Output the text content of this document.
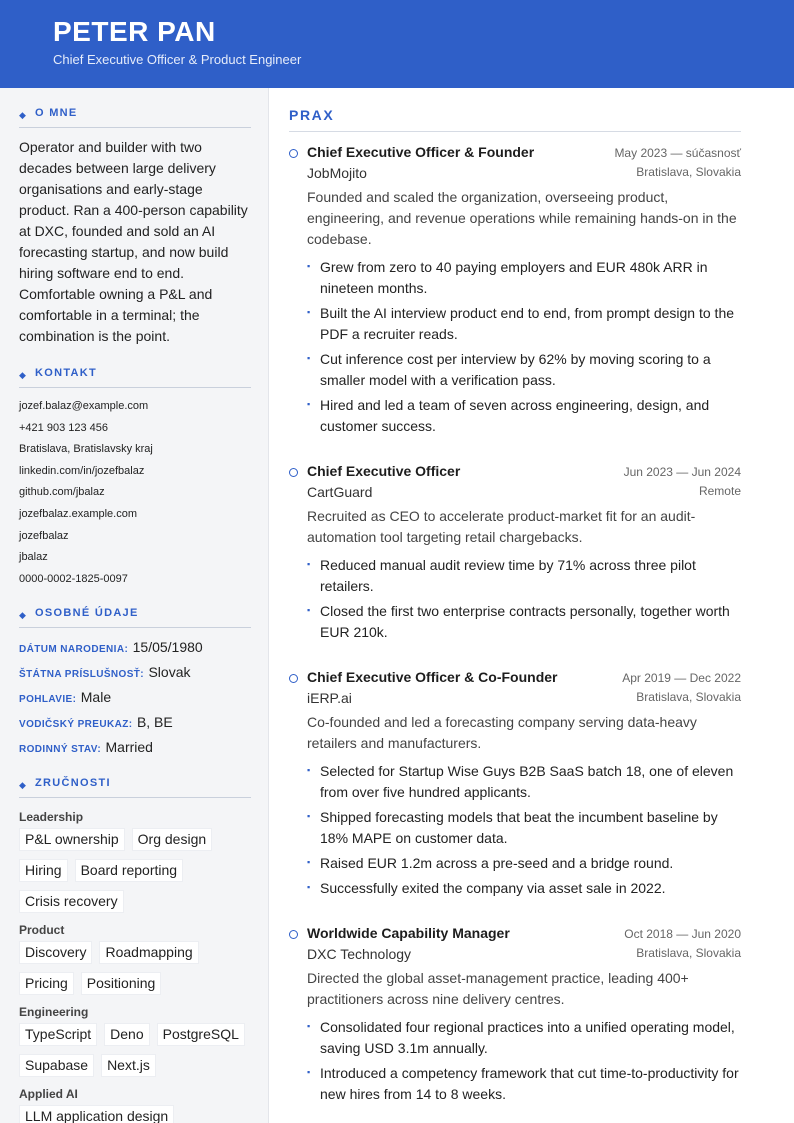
PETER PAN
Chief Executive Officer & Product Engineer
◆ O MNE
Operator and builder with two decades between large delivery organisations and early-stage product. Ran a 400-person capability at DXC, founded and sold an AI forecasting startup, and now build hiring software end to end. Comfortable owning a P&L and comfortable in a terminal; the combination is the point.
◆ KONTAKT
jozef.balaz@example.com
+421 903 123 456
Bratislava, Bratislavsky kraj
linkedin.com/in/jozefbalaz
github.com/jbalaz
jozefbalaz.example.com
jozefbalaz
jbalaz
0000-0002-1825-0097
◆ OSOBNÉ ÚDAJE
DÁTUM NARODENIA: 15/05/1980
ŠTÁTNA PRÍSLUŠNOSŤ: Slovak
POHLAVIE: Male
VODIČSKÝ PREUKAZ: B, BE
RODINNÝ STAV: Married
◆ ZRUČNOSTI
Leadership
P&L ownership	Org design
Hiring	Board reporting
Crisis recovery
Product
Discovery	Roadmapping
Pricing	Positioning
Engineering
TypeScript	Deno	PostgreSQL
Supabase	Next.js
Applied AI
LLM application design
PRAX
Chief Executive Officer & Founder	May 2023 — súčasnosť
JobMojito	Bratislava, Slovakia
Founded and scaled the organization, overseeing product, engineering, and revenue operations while remaining hands-on in the codebase.
▪ Grew from zero to 40 paying employers and EUR 480k ARR in nineteen months.
▪ Built the AI interview product end to end, from prompt design to the PDF a recruiter reads.
▪ Cut inference cost per interview by 62% by moving scoring to a smaller model with a verification pass.
▪ Hired and led a team of seven across engineering, design, and customer success.
Chief Executive Officer	Jun 2023 — Jun 2024
CartGuard	Remote
Recruited as CEO to accelerate product-market fit for an audit-automation tool targeting retail chargebacks.
▪ Reduced manual audit review time by 71% across three pilot retailers.
▪ Closed the first two enterprise contracts personally, together worth EUR 210k.
Chief Executive Officer & Co-Founder	Apr 2019 — Dec 2022
iERP.ai	Bratislava, Slovakia
Co-founded and led a forecasting company serving data-heavy retailers and manufacturers.
▪ Selected for Startup Wise Guys B2B SaaS batch 18, one of eleven from over five hundred applicants.
▪ Shipped forecasting models that beat the incumbent baseline by 18% MAPE on customer data.
▪ Raised EUR 1.2m across a pre-seed and a bridge round.
▪ Successfully exited the company via asset sale in 2022.
Worldwide Capability Manager	Oct 2018 — Jun 2020
DXC Technology	Bratislava, Slovakia
Directed the global asset-management practice, leading 400+ practitioners across nine delivery centres.
▪ Consolidated four regional practices into a unified operating model, saving USD 3.1m annually.
▪ Introduced a competency framework that cut time-to-productivity for new hires from 14 to 8 weeks.
